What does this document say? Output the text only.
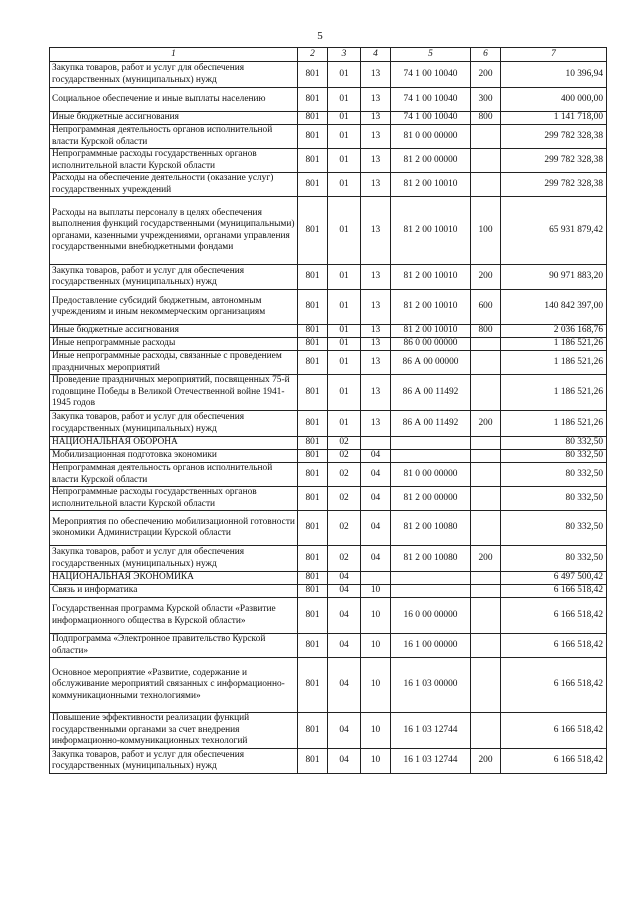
5
1	2	3	4	5	6	7
Закупка товаров, работ и услуг для обеспечения государственных (муниципальных) нужд	801	01	13	74 1 00 10040	200	10 396,94
Социальное обеспечение и иные выплаты населению	801	01	13	74 1 00 10040	300	400 000,00
Иные бюджетные ассигнования	801	01	13	74 1 00 10040	800	1 141 718,00
Непрограммная деятельность органов исполнительной власти Курской области	801	01	13	81 0 00 00000		299 782 328,38
Непрограммные расходы государственных органов исполнительной власти Курской области	801	01	13	81 2 00 00000		299 782 328,38
Расходы на обеспечение деятельности (оказание услуг) государственных учреждений	801	01	13	81 2 00 10010		299 782 328,38
Расходы на выплаты персоналу в целях обеспечения выполнения функций государственными (муниципальными) органами, казенными учреждениями, органами управления государственными внебюджетными фондами	801	01	13	81 2 00 10010	100	65 931 879,42
Закупка товаров, работ и услуг для обеспечения государственных (муниципальных) нужд	801	01	13	81 2 00 10010	200	90 971 883,20
Предоставление субсидий бюджетным, автономным учреждениям и иным некоммерческим организациям	801	01	13	81 2 00 10010	600	140 842 397,00
Иные бюджетные ассигнования	801	01	13	81 2 00 10010	800	2 036 168,76
Иные непрограммные расходы	801	01	13	86 0 00 00000		1 186 521,26
Иные непрограммные расходы, связанные с проведением праздничных мероприятий	801	01	13	86 А 00 00000		1 186 521,26
Проведение праздничных мероприятий, посвященных 75-й годовщине Победы в Великой Отечественной войне 1941-1945 годов	801	01	13	86 А 00 11492		1 186 521,26
Закупка товаров, работ и услуг для обеспечения государственных (муниципальных) нужд	801	01	13	86 А 00 11492	200	1 186 521,26
НАЦИОНАЛЬНАЯ ОБОРОНА	801	02				80 332,50
Мобилизационная подготовка экономики	801	02	04			80 332,50
Непрограммная деятельность органов исполнительной власти Курской области	801	02	04	81 0 00 00000		80 332,50
Непрограммные расходы государственных органов исполнительной власти Курской области	801	02	04	81 2 00 00000		80 332,50
Мероприятия по обеспечению мобилизационной готовности экономики Администрации Курской области	801	02	04	81 2 00 10080		80 332,50
Закупка товаров, работ и услуг для обеспечения государственных (муниципальных) нужд	801	02	04	81 2 00 10080	200	80 332,50
НАЦИОНАЛЬНАЯ ЭКОНОМИКА	801	04				6 497 500,42
Связь и информатика	801	04	10			6 166 518,42
Государственная программа Курской области «Развитие информационного общества в Курской области»	801	04	10	16 0 00 00000		6 166 518,42
Подпрограмма «Электронное правительство Курской области»	801	04	10	16 1 00 00000		6 166 518,42
Основное мероприятие «Развитие, содержание и обслуживание мероприятий связанных с информационно-коммуникационными технологиями»	801	04	10	16 1 03 00000		6 166 518,42
Повышение эффективности реализации функций государственными органами за счет внедрения информационно-коммуникационных технологий	801	04	10	16 1 03 12744		6 166 518,42
Закупка товаров, работ и услуг для обеспечения государственных (муниципальных) нужд	801	04	10	16 1 03 12744	200	6 166 518,42
